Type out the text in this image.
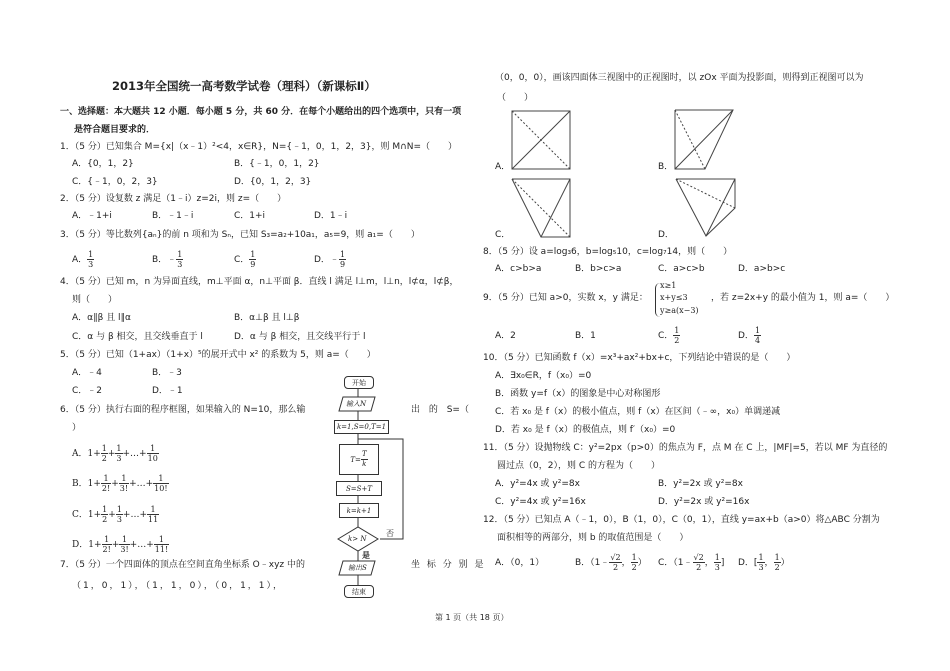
2013年全国统一高考数学试卷（理科）（新课标Ⅱ）
一、选择题：本大题共 12 小题．每小题 5 分，共 60 分．在每个小题给出的四个选项中，只有一项
是符合题目要求的．
1．（5 分）已知集合 M={x|（x﹣1）²<4，x∈R}，N={﹣1，0，1，2，3}，则 M∩N=（　　）
A．{0，1，2}	B．{﹣1，0，1，2}
C．{﹣1，0，2，3}	D．{0，1，2，3}
2．（5 分）设复数 z 满足（1﹣i）z=2i，则 z=（　　）
A．﹣1+i	B．﹣1﹣i	C．1+i	D．1﹣i
3．（5 分）等比数列{aₙ}的前 n 项和为 Sₙ，已知 S₃=a₂+10a₁，a₅=9，则 a₁=（　　）
A． $\frac{1}{3}$	B．﹣ $\frac{1}{3}$	C． $\frac{1}{9}$	D．﹣ $\frac{1}{9}$
4．（5 分）已知 m，n 为异面直线，m⊥平面 α，n⊥平面 β．直线 l 满足 l⊥m，l⊥n，l⊄α，l⊄β，
则（　　）
A．α∥β 且 l∥α	B．α⊥β 且 l⊥β
C．α 与 β 相交，且交线垂直于 l	D．α 与 β 相交，且交线平行于 l
5．（5 分）已知（1+ax）（1+x）⁵的展开式中 x² 的系数为 5，则 a=（　　）
A．﹣4	B．﹣3
C．﹣2	D．﹣1
6．（5 分）执行右面的程序框图，如果输入的 N=10，那么输	出 的 S=（
）
A．$1+ \frac{1}{2} + \frac{1}{3}$ +…+ $\frac{1}{10}$
B．$1+ \frac{1}{2!} + \frac{1}{3!}$ +…+ $\frac{1}{10!}$
C．$1+ \frac{1}{2} + \frac{1}{3}$ +…+ $\frac{1}{11}$
D．$1+ \frac{1}{2!} + \frac{1}{3!}$ +…+ $\frac{1}{11!}$
7．（5 分）一个四面体的顶点在空间直角坐标系 O﹣xyz 中的	坐 标 分 别 是
（1，0，1），（1，1，0），（0，1，1），
开始
输入N
k=1,S=0,T=1
$T= \frac{T}{k}$
S=S+T
k=k+1
k> N
否
是
输出S
结束
（0，0，0），画该四面体三视图中的正视图时，以 zOx 平面为投影面，则得到正视图可以为
（　　）
A．	B．
C．	D．
8．（5 分）设 a=log₃6，b=log₅10，c=log₇14，则（　　）
A．c>b>a	B．b>c>a	C．a>c>b	D．a>b>c
9．（5 分）已知 a>0，实数 x，y 满足：
x≥1
x+y≤3
y≥a(x−3)
，若 z=2x+y 的最小值为 1，则 a=（　　）
A．2	B．1	C． $\frac{1}{2}$	D． $\frac{1}{4}$
10．（5 分）已知函数 f（x）=x³+ax²+bx+c，下列结论中错误的是（　　）
A．∃x₀∈R，f（x₀）=0
B．函数 y=f（x）的图象是中心对称图形
C．若 x₀ 是 f（x）的极小值点，则 f（x）在区间（﹣∞，x₀）单调递减
D．若 x₀ 是 f（x）的极值点，则 f′（x₀）=0
11．（5 分）设抛物线 C：y²=2px（p>0）的焦点为 F，点 M 在 C 上，|MF|=5，若以 MF 为直径的
圆过点（0，2），则 C 的方程为（　　）
A．y²=4x 或 y²=8x	B．y²=2x 或 y²=8x
C．y²=4x 或 y²=16x	D．y²=2x 或 y²=16x
12．（5 分）已知点 A（﹣1，0），B（1，0），C（0，1），直线 y=ax+b（a>0）将△ABC 分割为
面积相等的两部分，则 b 的取值范围是（　　）
A．（0，1）	B．（1﹣ $\frac{√2}{2}$ ， $\frac{1}{2}$ ） C．（1﹣ $\frac{√2}{2}$ ， $\frac{1}{3}$ ] D．[ $\frac{1}{3}$ ， $\frac{1}{2}$ ）
第 1 页（共 18 页）
